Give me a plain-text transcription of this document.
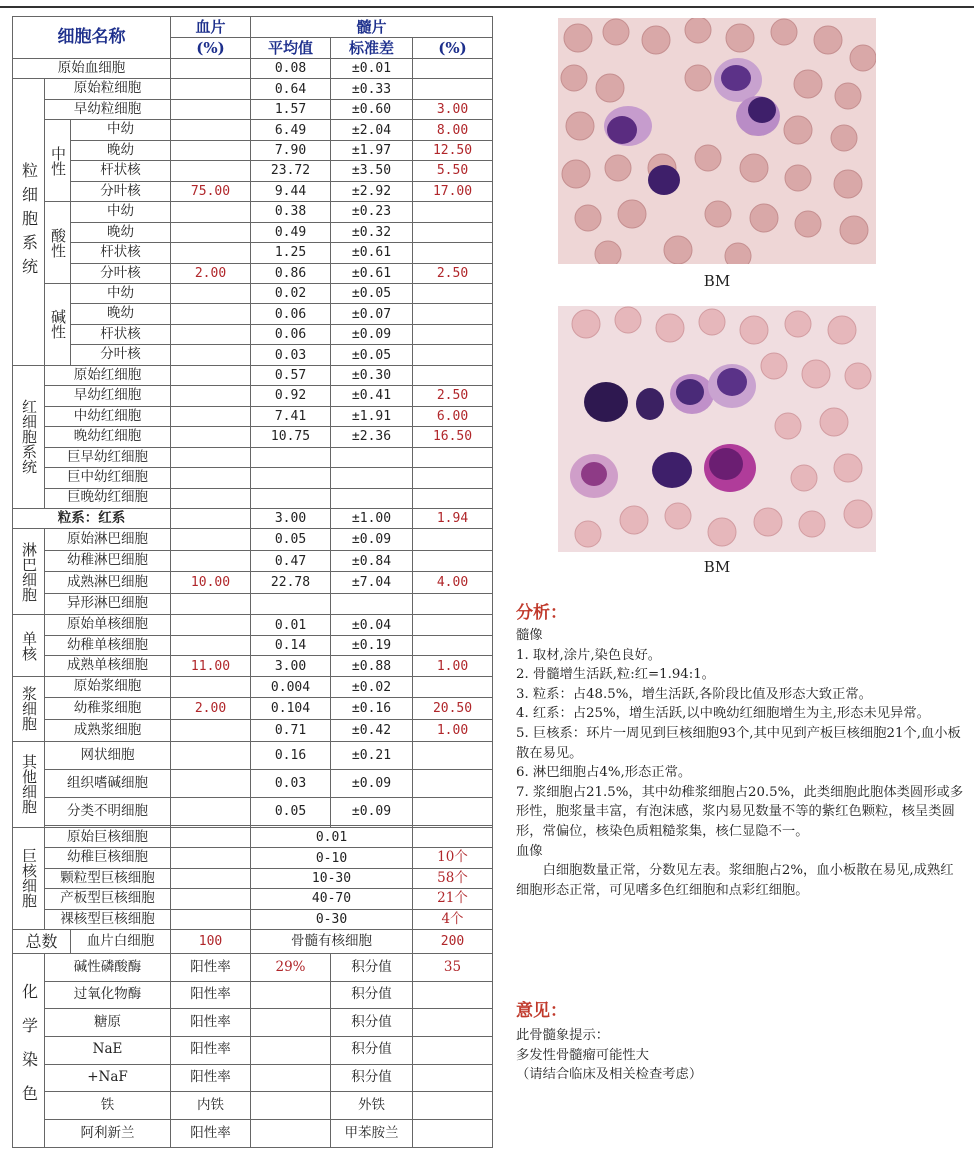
细胞名称			血片	髓片		
			(%)	平均值	标准差	(%)
原始血细胞				0.08	±0.01	
粒细胞系统	原始粒细胞			0.64	±0.33	
	早幼粒细胞			1.57	±0.60	3.00
	中性	中幼		6.49	±2.04	8.00
		晚幼		7.90	±1.97	12.50
		杆状核		23.72	±3.50	5.50
		分叶核	75.00	9.44	±2.92	17.00
	酸性	中幼		0.38	±0.23	
		晚幼		0.49	±0.32	
		杆状核		1.25	±0.61	
		分叶核	2.00	0.86	±0.61	2.50
	碱性	中幼		0.02	±0.05	
		晚幼		0.06	±0.07	
		杆状核		0.06	±0.09	
		分叶核		0.03	±0.05	
红细胞系统	原始红细胞			0.57	±0.30	
	早幼红细胞			0.92	±0.41	2.50
	中幼红细胞			7.41	±1.91	6.00
	晚幼红细胞			10.75	±2.36	16.50
	巨早幼红细胞					
	巨中幼红细胞					
	巨晚幼红细胞					
粒系：红系				3.00	±1.00	1.94
淋巴细胞	原始淋巴细胞			0.05	±0.09	
	幼稚淋巴细胞			0.47	±0.84	
	成熟淋巴细胞		10.00	22.78	±7.04	4.00
	异形淋巴细胞					
单核	原始单核细胞			0.01	±0.04	
	幼稚单核细胞			0.14	±0.19	
	成熟单核细胞		11.00	3.00	±0.88	1.00
浆细胞	原始浆细胞			0.004	±0.02	
	幼稚浆细胞		2.00	0.104	±0.16	20.50
	成熟浆细胞			0.71	±0.42	1.00
其他细胞	网状细胞			0.16	±0.21	
	组织嗜碱细胞			0.03	±0.09	
	分类不明细胞			0.05	±0.09	

巨核细胞	原始巨核细胞			0.01		
	幼稚巨核细胞			0-10		10个
	颗粒型巨核细胞			10-30		58个
	产板型巨核细胞			40-70		21个
	裸核型巨核细胞			0-30		4个
总数		血片白细胞	100	骨髓有核细胞		200
化学染色	碱性磷酸酶		阳性率	29%	积分值	35
	过氧化物酶		阳性率		积分值	
	糖原		阳性率		积分值	
	NaE		阳性率		积分值	
	+NaF		阳性率		积分值	
	铁		内铁		外铁	
	阿利新兰		阳性率		甲苯胺兰	
BM
BM
分析：

髓像

1. 取材,涂片,染色良好。

2. 骨髓增生活跃,粒:红=1.94:1。

3. 粒系：占48.5%，增生活跃,各阶段比值及形态大致正常。

4. 红系：占25%，增生活跃,以中晚幼红细胞增生为主,形态未见异常。

5. 巨核系：环片一周见到巨核细胞93个,其中见到产板巨核细胞21个,血小板散在易见。

6. 淋巴细胞占4%,形态正常。

7. 浆细胞占21.5%，其中幼稚浆细胞占20.5%，此类细胞此胞体类圆形或多形性，胞浆量丰富，有泡沫感，浆内易见数量不等的紫红色颗粒，核呈类圆形，常偏位，核染色质粗糙浆集，核仁显隐不一。

血像

白细胞数量正常，分数见左表。浆细胞占2%，血小板散在易见,成熟红细胞形态正常，可见嗜多色红细胞和点彩红细胞。

意见：

此骨髓象提示：

多发性骨髓瘤可能性大

（请结合临床及相关检查考虑）
